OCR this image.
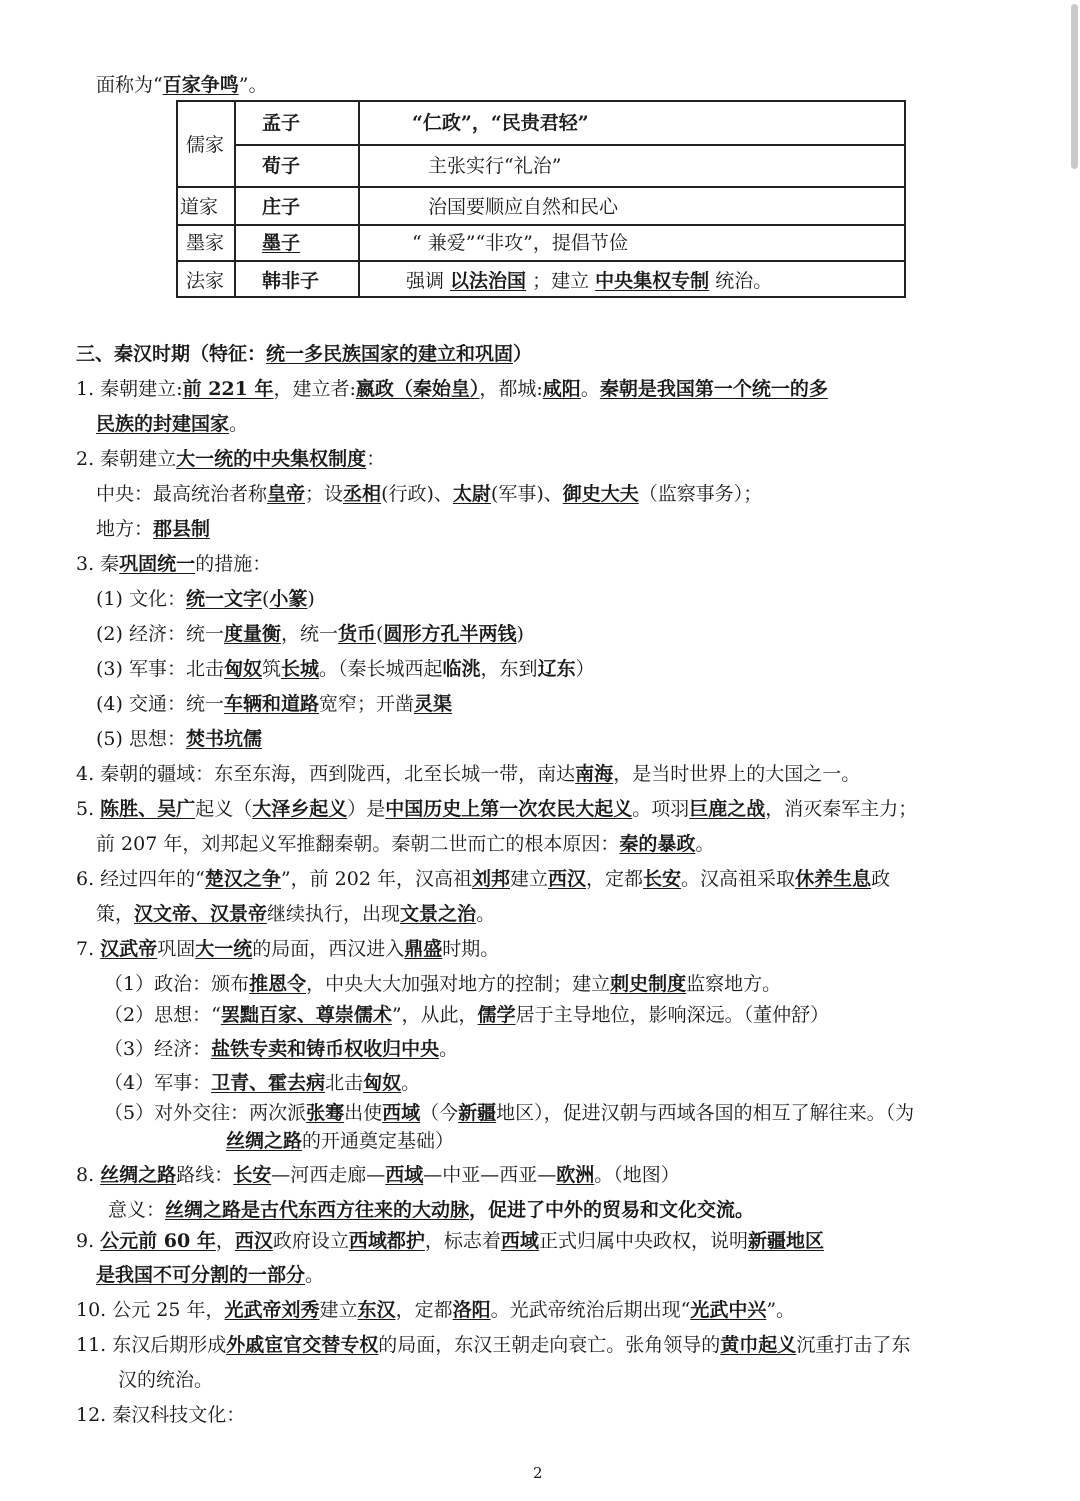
面称为“百家争鸣”。
儒家
孟子	“仁政”，“民贵君轻”
荀子	主张实行“礼治”
道家 庄子	治国要顺应自然和民心
墨家 墨子	“ 兼爱”“非攻”，提倡节俭
法家 韩非子	强调 以法治国 ；建立 中央集权专制 统治。
三、秦汉时期（特征：统一多民族国家的建立和巩固）
1. 秦朝建立:前 221 年，建立者:嬴政（秦始皇），都城:咸阳。秦朝是我国第一个统一的多
民族的封建国家。
2. 秦朝建立大一统的中央集权制度：
中央：最高统治者称皇帝；设丞相(行政)、太尉(军事)、御史大夫（监察事务）；
地方：郡县制
3. 秦巩固统一的措施：
(1) 文化：统一文字(小篆)
(2) 经济：统一度量衡，统一货币(圆形方孔半两钱)
(3) 军事：北击匈奴筑长城。（秦长城西起临洮，东到辽东）
(4) 交通：统一车辆和道路宽窄；开凿灵渠
(5) 思想：焚书坑儒
4. 秦朝的疆域：东至东海，西到陇西，北至长城一带，南达南海，是当时世界上的大国之一。
5. 陈胜、吴广起义（大泽乡起义）是中国历史上第一次农民大起义。项羽巨鹿之战，消灭秦军主力；
前 207 年，刘邦起义军推翻秦朝。秦朝二世而亡的根本原因：秦的暴政。
6. 经过四年的“楚汉之争”，前 202 年，汉高祖刘邦建立西汉，定都长安。汉高祖采取休养生息政
策，汉文帝、汉景帝继续执行，出现文景之治。
7. 汉武帝巩固大一统的局面，西汉进入鼎盛时期。
（1）政治：颁布推恩令，中央大大加强对地方的控制；建立刺史制度监察地方。
（2）思想：“罢黜百家、尊崇儒术”，从此，儒学居于主导地位，影响深远。（董仲舒）
（3）经济：盐铁专卖和铸币权收归中央。
（4）军事：卫青、霍去病北击匈奴。
（5）对外交往：两次派张骞出使西域（今新疆地区），促进汉朝与西域各国的相互了解往来。（为
丝绸之路的开通奠定基础）
8. 丝绸之路路线：长安—河西走廊—西域—中亚—西亚—欧洲。（地图）
意义：丝绸之路是古代东西方往来的大动脉，促进了中外的贸易和文化交流。
9. 公元前 60 年，西汉政府设立西域都护，标志着西域正式归属中央政权，说明新疆地区
是我国不可分割的一部分。
10. 公元 25 年，光武帝刘秀建立东汉，定都洛阳。光武帝统治后期出现“光武中兴”。
11. 东汉后期形成外戚宦官交替专权的局面，东汉王朝走向衰亡。张角领导的黄巾起义沉重打击了东
汉的统治。
12. 秦汉科技文化：
2
